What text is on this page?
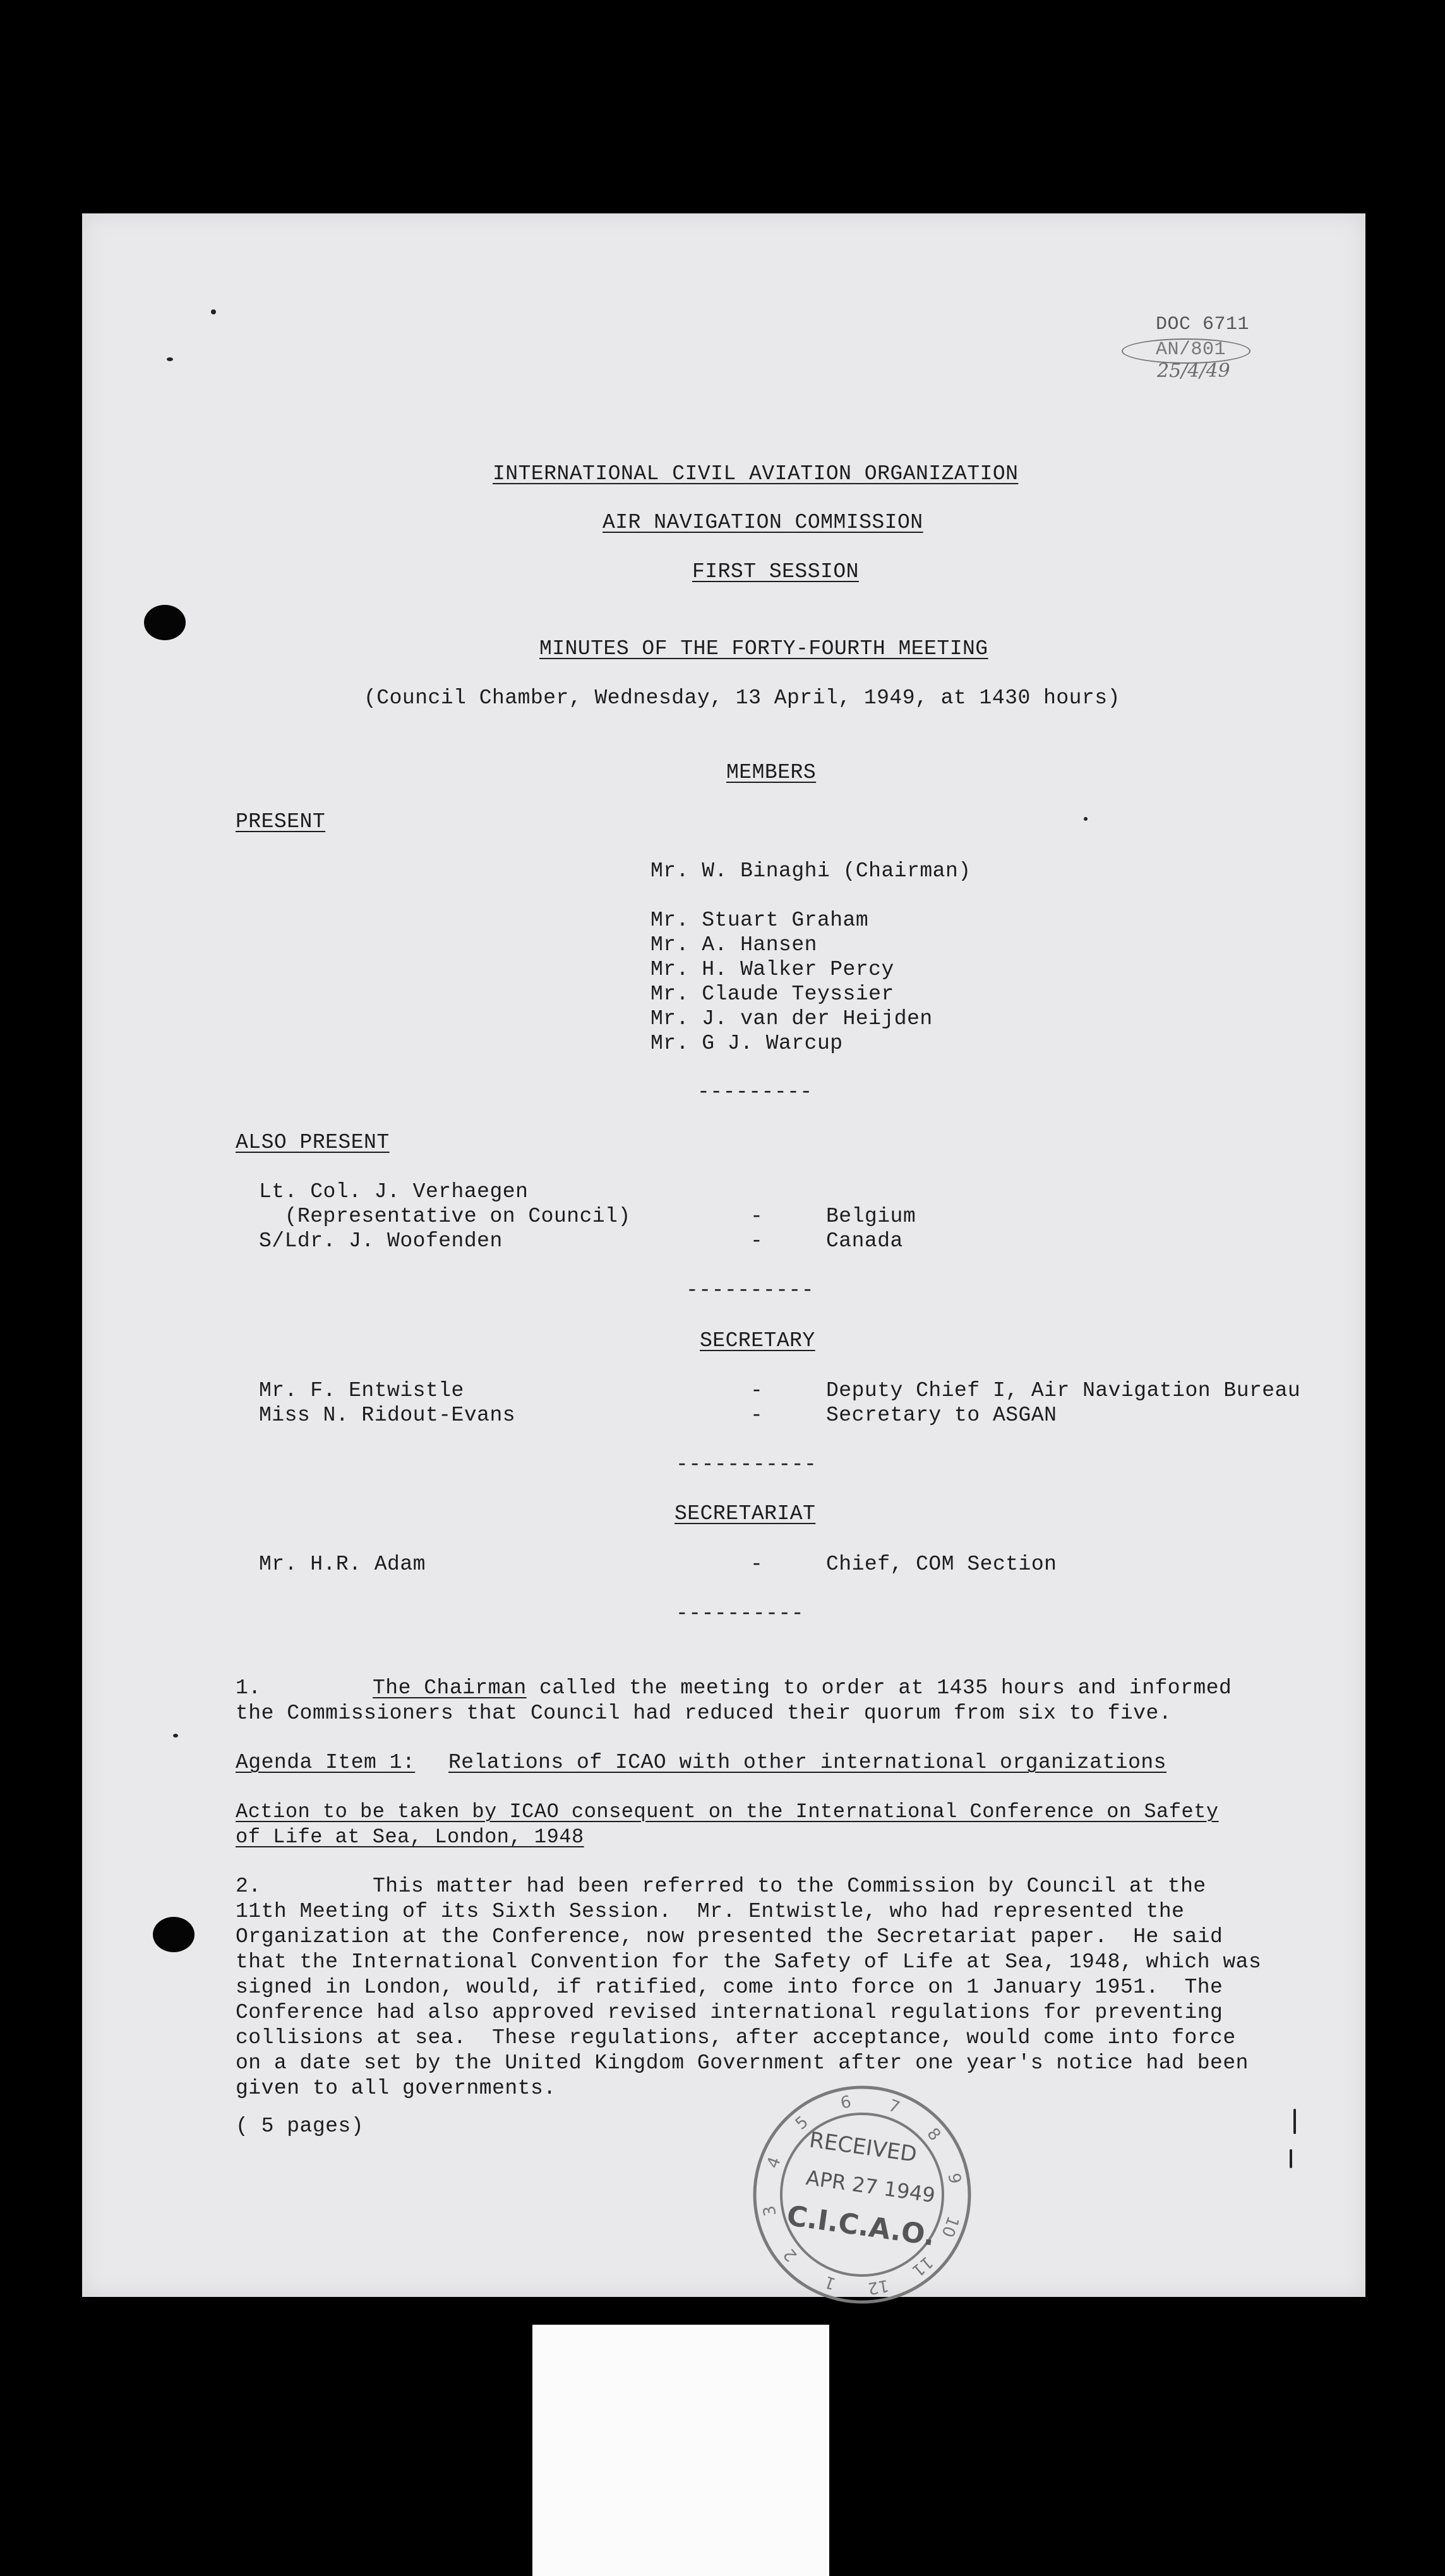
DOC 6711
AN/801
25/4/49
INTERNATIONAL CIVIL AVIATION ORGANIZATION
AIR NAVIGATION COMMISSION
FIRST SESSION
MINUTES OF THE FORTY-FOURTH MEETING
(Council Chamber, Wednesday, 13 April, 1949, at 1430 hours)
MEMBERS
PRESENT
Mr. W. Binaghi (Chairman)
Mr. Stuart Graham
Mr. A. Hansen
Mr. H. Walker Percy
Mr. Claude Teyssier
Mr. J. van der Heijden
Mr. G J. Warcup
---------
ALSO PRESENT
Lt. Col. J. Verhaegen
(Representative on Council)	-	Belgium
S/Ldr. J. Woofenden	-	Canada
----------
SECRETARY
Mr. F. Entwistle	-	Deputy Chief I, Air Navigation Bureau
Miss N. Ridout-Evans	-	Secretary to ASGAN
-----------
SECRETARIAT
Mr. H.R. Adam	-	Chief, COM Section
----------
1.	The Chairman called the meeting to order at 1435 hours and informed
the Commissioners that Council had reduced their quorum from six to five.
Agenda Item 1: Relations of ICAO with other international organizations
Action to be taken by ICAO consequent on the International Conference on Safety
of Life at Sea, London, 1948
2.	This matter had been referred to the Commission by Council at the
11th Meeting of its Sixth Session.  Mr. Entwistle, who had represented the
Organization at the Conference, now presented the Secretariat paper.  He said
that the International Convention for the Safety of Life at Sea, 1948, which was
signed in London, would, if ratified, come into force on 1 January 1951.  The
Conference had also approved revised international regulations for preventing
collisions at sea.  These regulations, after acceptance, would come into force
on a date set by the United Kingdom Government after one year's notice had been
given to all governments.
( 5 pages)
7
8
9
10
11
12
1
2
3
4
5
6
RECEIVED
APR 27 1949
C.I.C.A.O.
